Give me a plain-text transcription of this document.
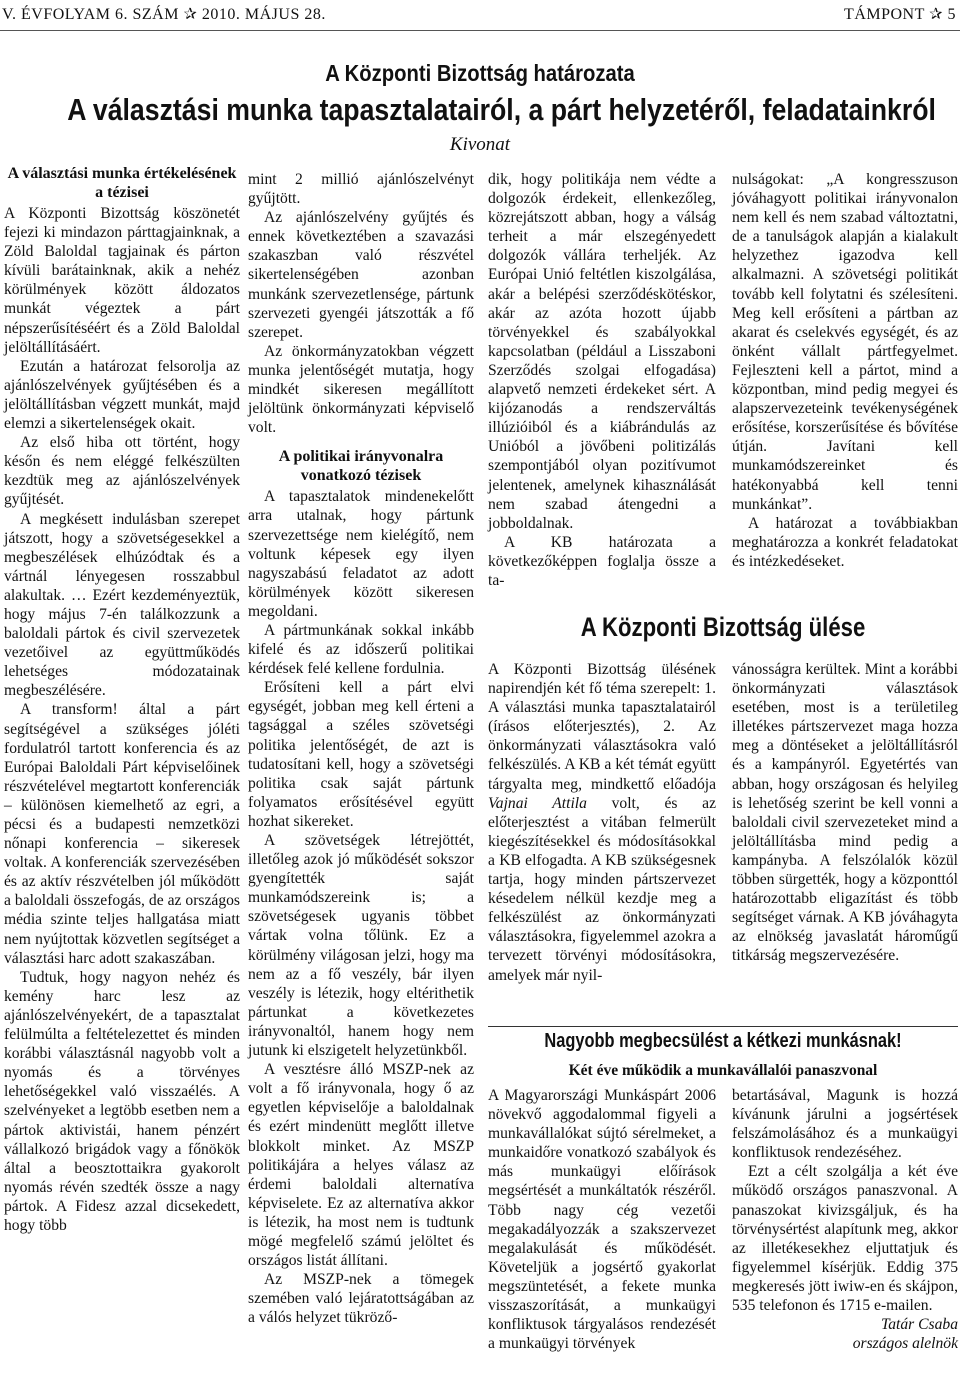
V. ÉVFOLYAM 6. SZÁM ✰ 2010. MÁJUS 28.	TÁMPONT ✰ 5
A Központi Bizottság határozata
A választási munka tapasztalatairól, a párt helyzetéről, feladatainkról
Kivonat
A választási munka értékelésének a tézisei

A Központi Bizottság köszönetét fejezi ki mindazon párttagjainknak, a Zöld Baloldal tagjainak és párton kívüli barátainknak, akik a nehéz körülmények között áldozatos munkát végeztek a párt népszerűsítéséért és a Zöld Baloldal jelöltállításáért.

Ezután a határozat felsorolja az ajánlószelvények gyűjtésében és a jelöltállításban végzett munkát, majd elemzi a sikertelenségek okait.

Az első hiba ott történt, hogy későn és nem eléggé felkészülten kezdtük meg az ajánlószelvények gyűjtését.

A megkésett indulásban szerepet játszott, hogy a szövetségesekkel a megbeszélések elhúzódtak és a vártnál lényegesen rosszabbul alakultak. … Ezért kezdeményeztük, hogy május 7-én találkozzunk a baloldali pártok és civil szervezetek vezetőivel az együttműködés lehetséges módozatainak megbeszélésére.

A transform! által a párt segítségével a szükséges jóléti fordulatról tartott konferencia és az Európai Baloldali Párt képviselőinek részvételével megtartott konferenciák – különösen kiemelhető az egri, a pécsi és a budapesti nemzetközi nőnapi konferencia – sikeresek voltak. A konferenciák szervezésében és az aktív részvételben jól működött a baloldali összefogás, de az országos média szinte teljes hallgatása miatt nem nyújtottak közvetlen segítséget a választási harc adott szakaszában.

Tudtuk, hogy nagyon nehéz és kemény harc lesz az ajánlószelvényekért, de a tapasztalat felülmúlta a feltételezettet és minden korábbi választásnál nagyobb volt a nyomás és a törvényes lehetőségekkel való visszaélés. A szelvényeket a legtöbb esetben nem a pártok aktivistái, hanem pénzért vállalkozó brigádok vagy a főnökök által a beosztottaikra gyakorolt nyomás révén szedték össze a nagy pártok. A Fidesz azzal dicsekedett, hogy több

mint 2 millió ajánlószelvényt gyűjtött.

Az ajánlószelvény gyűjtés és ennek következtében a szavazási szakaszban való részvétel sikertelenségében azonban munkánk szervezetlensége, pártunk szervezeti gyengéi játszották a fő szerepet.

Az önkormányzatokban végzett munka jelentőségét mutatja, hogy mindkét sikeresen megállított jelöltünk önkormányzati képviselő volt.

A politikai irányvonalra vonatkozó tézisek

A tapasztalatok mindenekelőtt arra utalnak, hogy pártunk szervezettsége nem kielégítő, nem voltunk képesek egy ilyen nagyszabású feladatot az adott körülmények között sikeresen megoldani.

A pártmunkának sokkal inkább kifelé és az időszerű politikai kérdések felé kellene fordulnia.

Erősíteni kell a párt elvi egységét, jobban meg kell érteni a tagsággal a széles szövetségi politika jelentőségét, de azt is tudatosítani kell, hogy a szövetségi politika csak saját pártunk folyamatos erősítésével együtt hozhat sikereket.

A szövetségek létrejöttét, illetőleg azok jó működését sokszor gyengítették saját munkamódszereink is; a szövetségesek ugyanis többet vártak volna tőlünk. Ez a körülmény világosan jelzi, hogy ma nem az a fő veszély, bár ilyen veszély is létezik, hogy eltérithetik pártunkat a következetes irányvonaltól, hanem hogy nem jutunk ki elszigetelt helyzetünkből.

A vesztésre álló MSZP-nek az volt a fő irányvonala, hogy ő az egyetlen képviselője a baloldalnak és ezért mindenütt meglőtt illetve blokkolt minket. Az MSZP politikájára a helyes válasz az érdemi baloldali alternatíva képviselete. Ez az alternatíva akkor is létezik, ha most nem is tudtunk mögé megfelelő számú jelöltet és országos listát állítani.

Az MSZP-nek a tömegek szemében való lejáratottságában az a válós helyzet tükröző-

dik, hogy politikája nem védte a dolgozók érdekeit, ellenkezőleg, közrejátszott abban, hogy a válság terheit a már elszegényedett dolgozók vállára terheljék. Az Európai Unió feltétlen kiszolgálása, akár a belépési szerződéskötéskor, akár az azóta hozott újabb törvényekkel és szabályokkal kapcsolatban (például a Lisszaboni Szerződés szolgai elfogadása) alapvető nemzeti érdekeket sért. A kijózanodás a rendszerváltás illúzióiból és a kiábrándulás az Unióból a jövőbeni politizálás szempontjából olyan pozitívumot jelentenek, amelynek kihasználását nem szabad átengedni a jobboldalnak.

A KB határozata a következőképpen foglalja össze a ta-

nulságokat: „A kongresszuson jóváhagyott politikai irányvonalon nem kell és nem szabad változtatni, de a tanulságok alapján a kialakult helyzethez igazodva kell alkalmazni. A szövetségi politikát tovább kell folytatni és szélesíteni. Meg kell erősíteni a pártban az akarat és cselekvés egységét, és az önként vállalt pártfegyelmet. Fejleszteni kell a pártot, mind a központban, mind pedig megyei és alapszervezeteink tevékenységének erősítése, korszerűsítése és bővítése útján. Javítani kell munkamódszereinket és hatékonyabbá kell tenni munkánkat”.

A határozat a továbbiakban meghatározza a konkrét feladatokat és intézkedéseket.

A Központi Bizottság ülése

A Központi Bizottság ülésének napirendjén két fő téma szerepelt: 1. A választási munka tapasztalatairól (írásos előterjesztés), 2. Az önkormányzati választásokra való felkészülés. A KB a két témát együtt tárgyalta meg, mindkettő előadója Vajnai Attila volt, és az előterjesztést a vitában felmerült kiegészítésekkel és módosításokkal a KB elfogadta. A KB szükségesnek tartja, hogy minden pártszervezet késedelem nélkül kezdje meg a felkészülést az önkormányzati választásokra, figyelemmel azokra a tervezett törvényi módosításokra, amelyek már nyil-

vánosságra kerültek. Mint a korábbi önkormányzati választások esetében, most is a területileg illetékes pártszervezet maga hozza meg a döntéseket a jelöltállításról és a kampányról. Egyetértés van abban, hogy országosan és helyileg is lehetőség szerint be kell vonni a baloldali civil szervezeteket mind a jelöltállításba mind pedig a kampányba. A felszólalók közül többen sürgették, hogy a központtól határozottabb eligazítást és több segítséget várnak. A KB jóváhagyta az elnökség javaslatát hároműgű titkárság megszervezésére.

Nagyobb megbecsülést a kétkezi munkásnak!
Két éve működik a munkavállalói panaszvonal

A Magyarországi Munkáspárt 2006 növekvő aggodalommal figyeli a munkavállalókat sújtó sérelmeket, a munkaidőre vonatkozó szabályok és más munkaügyi előírások megsértését a munkáltatók részéről. Több nagy cég vezetői megakadályozzák a szakszervezet megalakulását és működését. Követeljük a jogsértő gyakorlat megszüntetését, a fekete munka visszaszorítását, a munkaügyi konfliktusok tárgyalásos rendezését a munkaügyi törvények

betartásával, Magunk is hozzá kívánunk járulni a jogsértések felszámolásához és a munkaügyi konfliktusok rendezéséhez.

Ezt a célt szolgálja a két éve működő országos panaszvonal. A panaszokat kivizsgáljuk, és ha törvénysértést alapítunk meg, akkor az illetékesekhez eljuttatjuk és figyelemmel kísérjük. Eddig 375 megkeresés jött iwiw-en és skájpon, 535 telefonon és 1715 e-mailen.

Tatár Csaba

országos alelnök
